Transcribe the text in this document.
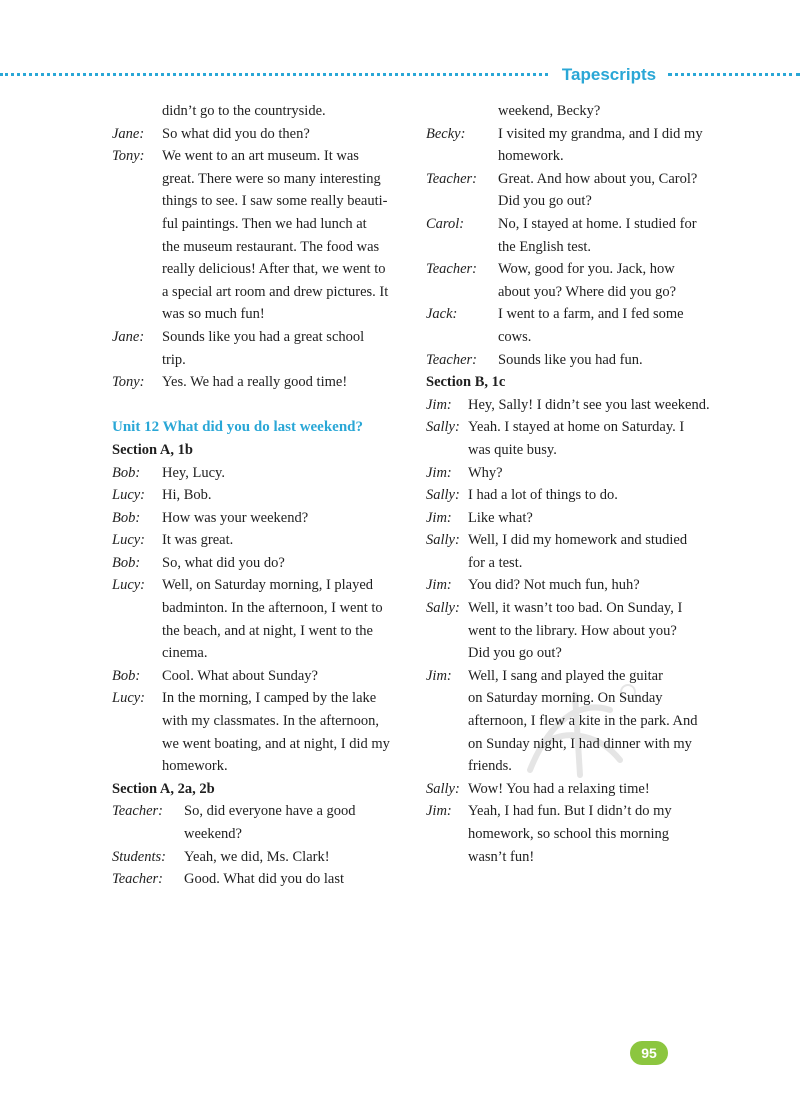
Tapescripts
didn’t go to the countryside.
Jane: So what did you do then?
Tony: We went to an art museum. It was
great. There were so many interesting
things to see. I saw some really beauti-
ful paintings. Then we had lunch at
the museum restaurant. The food was
really delicious! After that, we went to
a special art room and drew pictures. It
was so much fun!
Jane: Sounds like you had a great school
trip.
Tony: Yes. We had a really good time!
Unit 12 What did you do last weekend?
Section A, 1b
Bob: Hey, Lucy.
Lucy: Hi, Bob.
Bob: How was your weekend?
Lucy: It was great.
Bob: So, what did you do?
Lucy: Well, on Saturday morning, I played
badminton. In the afternoon, I went to
the beach, and at night, I went to the
cinema.
Bob: Cool. What about Sunday?
Lucy: In the morning, I camped by the lake
with my classmates. In the afternoon,
we went boating, and at night, I did my
homework.
Section A, 2a, 2b
Teacher: So, did everyone have a good
weekend?
Students: Yeah, we did, Ms. Clark!
Teacher: Good. What did you do last
weekend, Becky?
Becky: I visited my grandma, and I did my
homework.
Teacher: Great. And how about you, Carol?
Did you go out?
Carol: No, I stayed at home. I studied for
the English test.
Teacher: Wow, good for you. Jack, how
about you? Where did you go?
Jack:	I went to a farm, and I fed some
cows.
Teacher: Sounds like you had fun.
Section B, 1c
Jim: Hey, Sally! I didn’t see you last weekend.
Sally: Yeah. I stayed at home on Saturday. I
was quite busy.
Jim: Why?
Sally: I had a lot of things to do.
Jim: Like what?
Sally: Well, I did my homework and studied
for a test.
Jim: You did? Not much fun, huh?
Sally: Well, it wasn’t too bad. On Sunday, I
went to the library. How about you?
Did you go out?
Jim: Well, I sang and played the guitar
on Saturday morning. On Sunday
afternoon, I flew a kite in the park. And
on Sunday night, I had dinner with my
friends.
Sally: Wow! You had a relaxing time!
Jim: Yeah, I had fun. But I didn’t do my
homework, so school this morning
wasn’t fun!
95
